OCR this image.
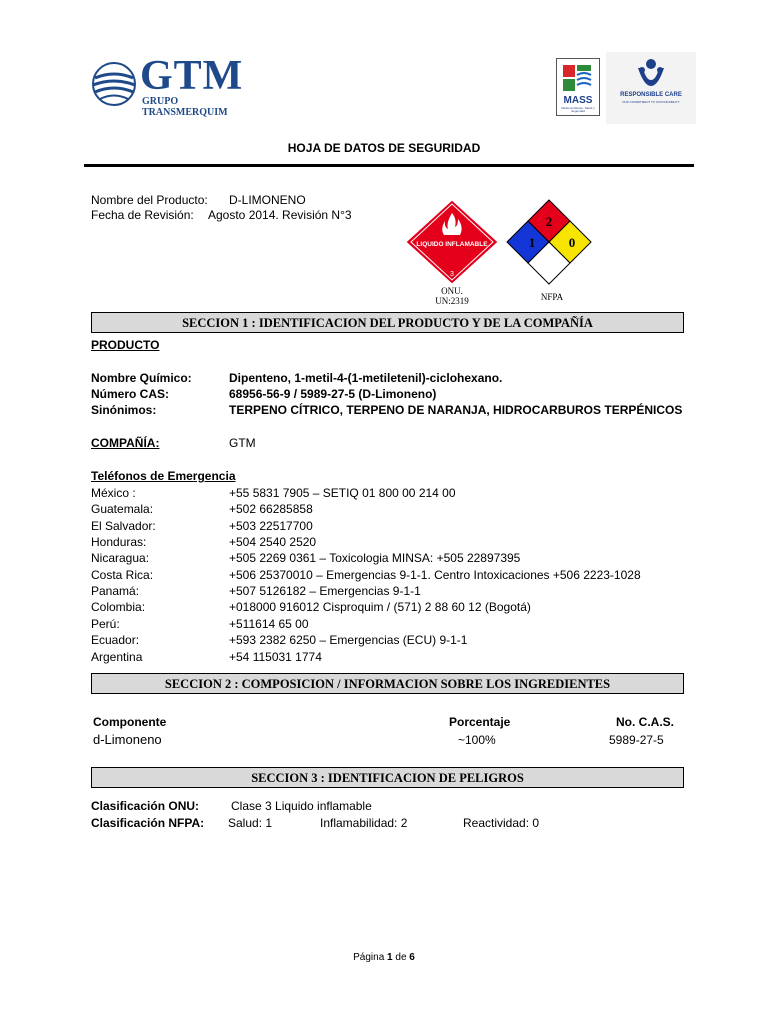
GTM
GRUPO TRANSMERQUIM
MASS
Medio Ambiente, Salud y Seguridad
RESPONSIBLE CARE
OUR COMMITMENT TO SUSTAINABILITY
HOJA DE DATOS DE SEGURIDAD
Nombre del Producto: D-LIMONENO
Fecha de Revisión: Agosto 2014. Revisión N°3
LIQUIDO INFLAMABLE
3
ONU.
UN:2319
2
1	0
NFPA
SECCION 1 : IDENTIFICACION DEL PRODUCTO Y DE LA COMPAÑÍA
PRODUCTO
Nombre Químico:	Dipenteno, 1-metil-4-(1-metiletenil)-ciclohexano.
Número CAS:	68956-56-9 / 5989-27-5 (D-Limoneno)
Sinónimos:	TERPENO CÍTRICO, TERPENO DE NARANJA, HIDROCARBUROS TERPÉNICOS
COMPAÑÍA:	GTM
Teléfonos de Emergencia
México :	+55 5831 7905 – SETIQ 01 800 00 214 00
Guatemala:	+502 66285858
El Salvador:	+503 22517700
Honduras:	+504 2540 2520
Nicaragua:	+505 2269 0361 – Toxicologia MINSA: +505 22897395
Costa Rica:	+506 25370010 – Emergencias 9-1-1. Centro Intoxicaciones +506 2223-1028
Panamá:	+507 5126182 – Emergencias 9-1-1
Colombia:	+018000 916012 Cisproquim / (571) 2 88 60 12 (Bogotá)
Perú:	+511614 65 00
Ecuador:	+593 2382 6250 – Emergencias (ECU) 9-1-1
Argentina	+54 115031 1774
SECCION 2 : COMPOSICION / INFORMACION SOBRE LOS INGREDIENTES
Componente	Porcentaje	No. C.A.S.
d-Limoneno	~100%	5989-27-5
SECCION 3 : IDENTIFICACION DE PELIGROS
Clasificación ONU:	Clase 3 Liquido inflamable
Clasificación NFPA: Salud: 1	Inflamabilidad: 2	Reactividad: 0
Página 1 de 6
